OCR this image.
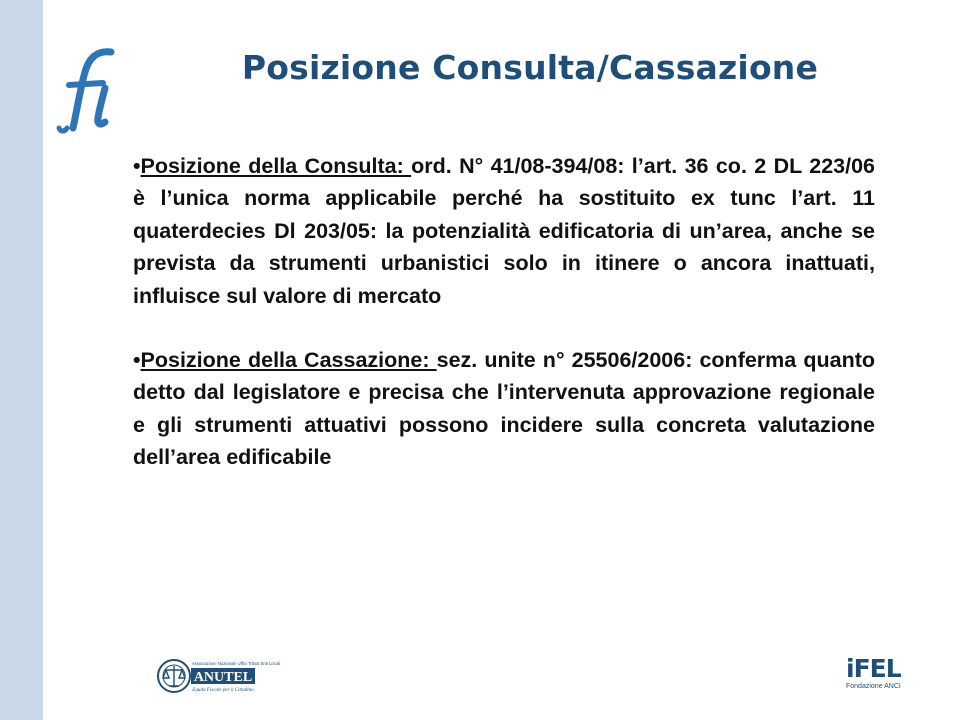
Posizione Consulta/Cassazione

•Posizione della Consulta: ord. N° 41/08-394/08: l’art. 36 co. 2 DL 223/06 è l’unica norma applicabile perché ha sostituito ex tunc l’art. 11 quaterdecies Dl 203/05: la potenzialità edificatoria di un’area, anche se prevista da strumenti urbanistici solo in itinere o ancora inattuati, influisce sul valore di mercato

•Posizione della Cassazione: sez. unite n° 25506/2006: conferma quanto detto dal legislatore e precisa che l’intervenuta approvazione regionale e gli strumenti attuativi possono incidere sulla concreta valutazione dell’area edificabile

Associazione Nazionale Uffici Tributi Enti Locali
ANUTEL
Equità Fiscale per il Cittadino
iFEL
Fondazione ANCI
